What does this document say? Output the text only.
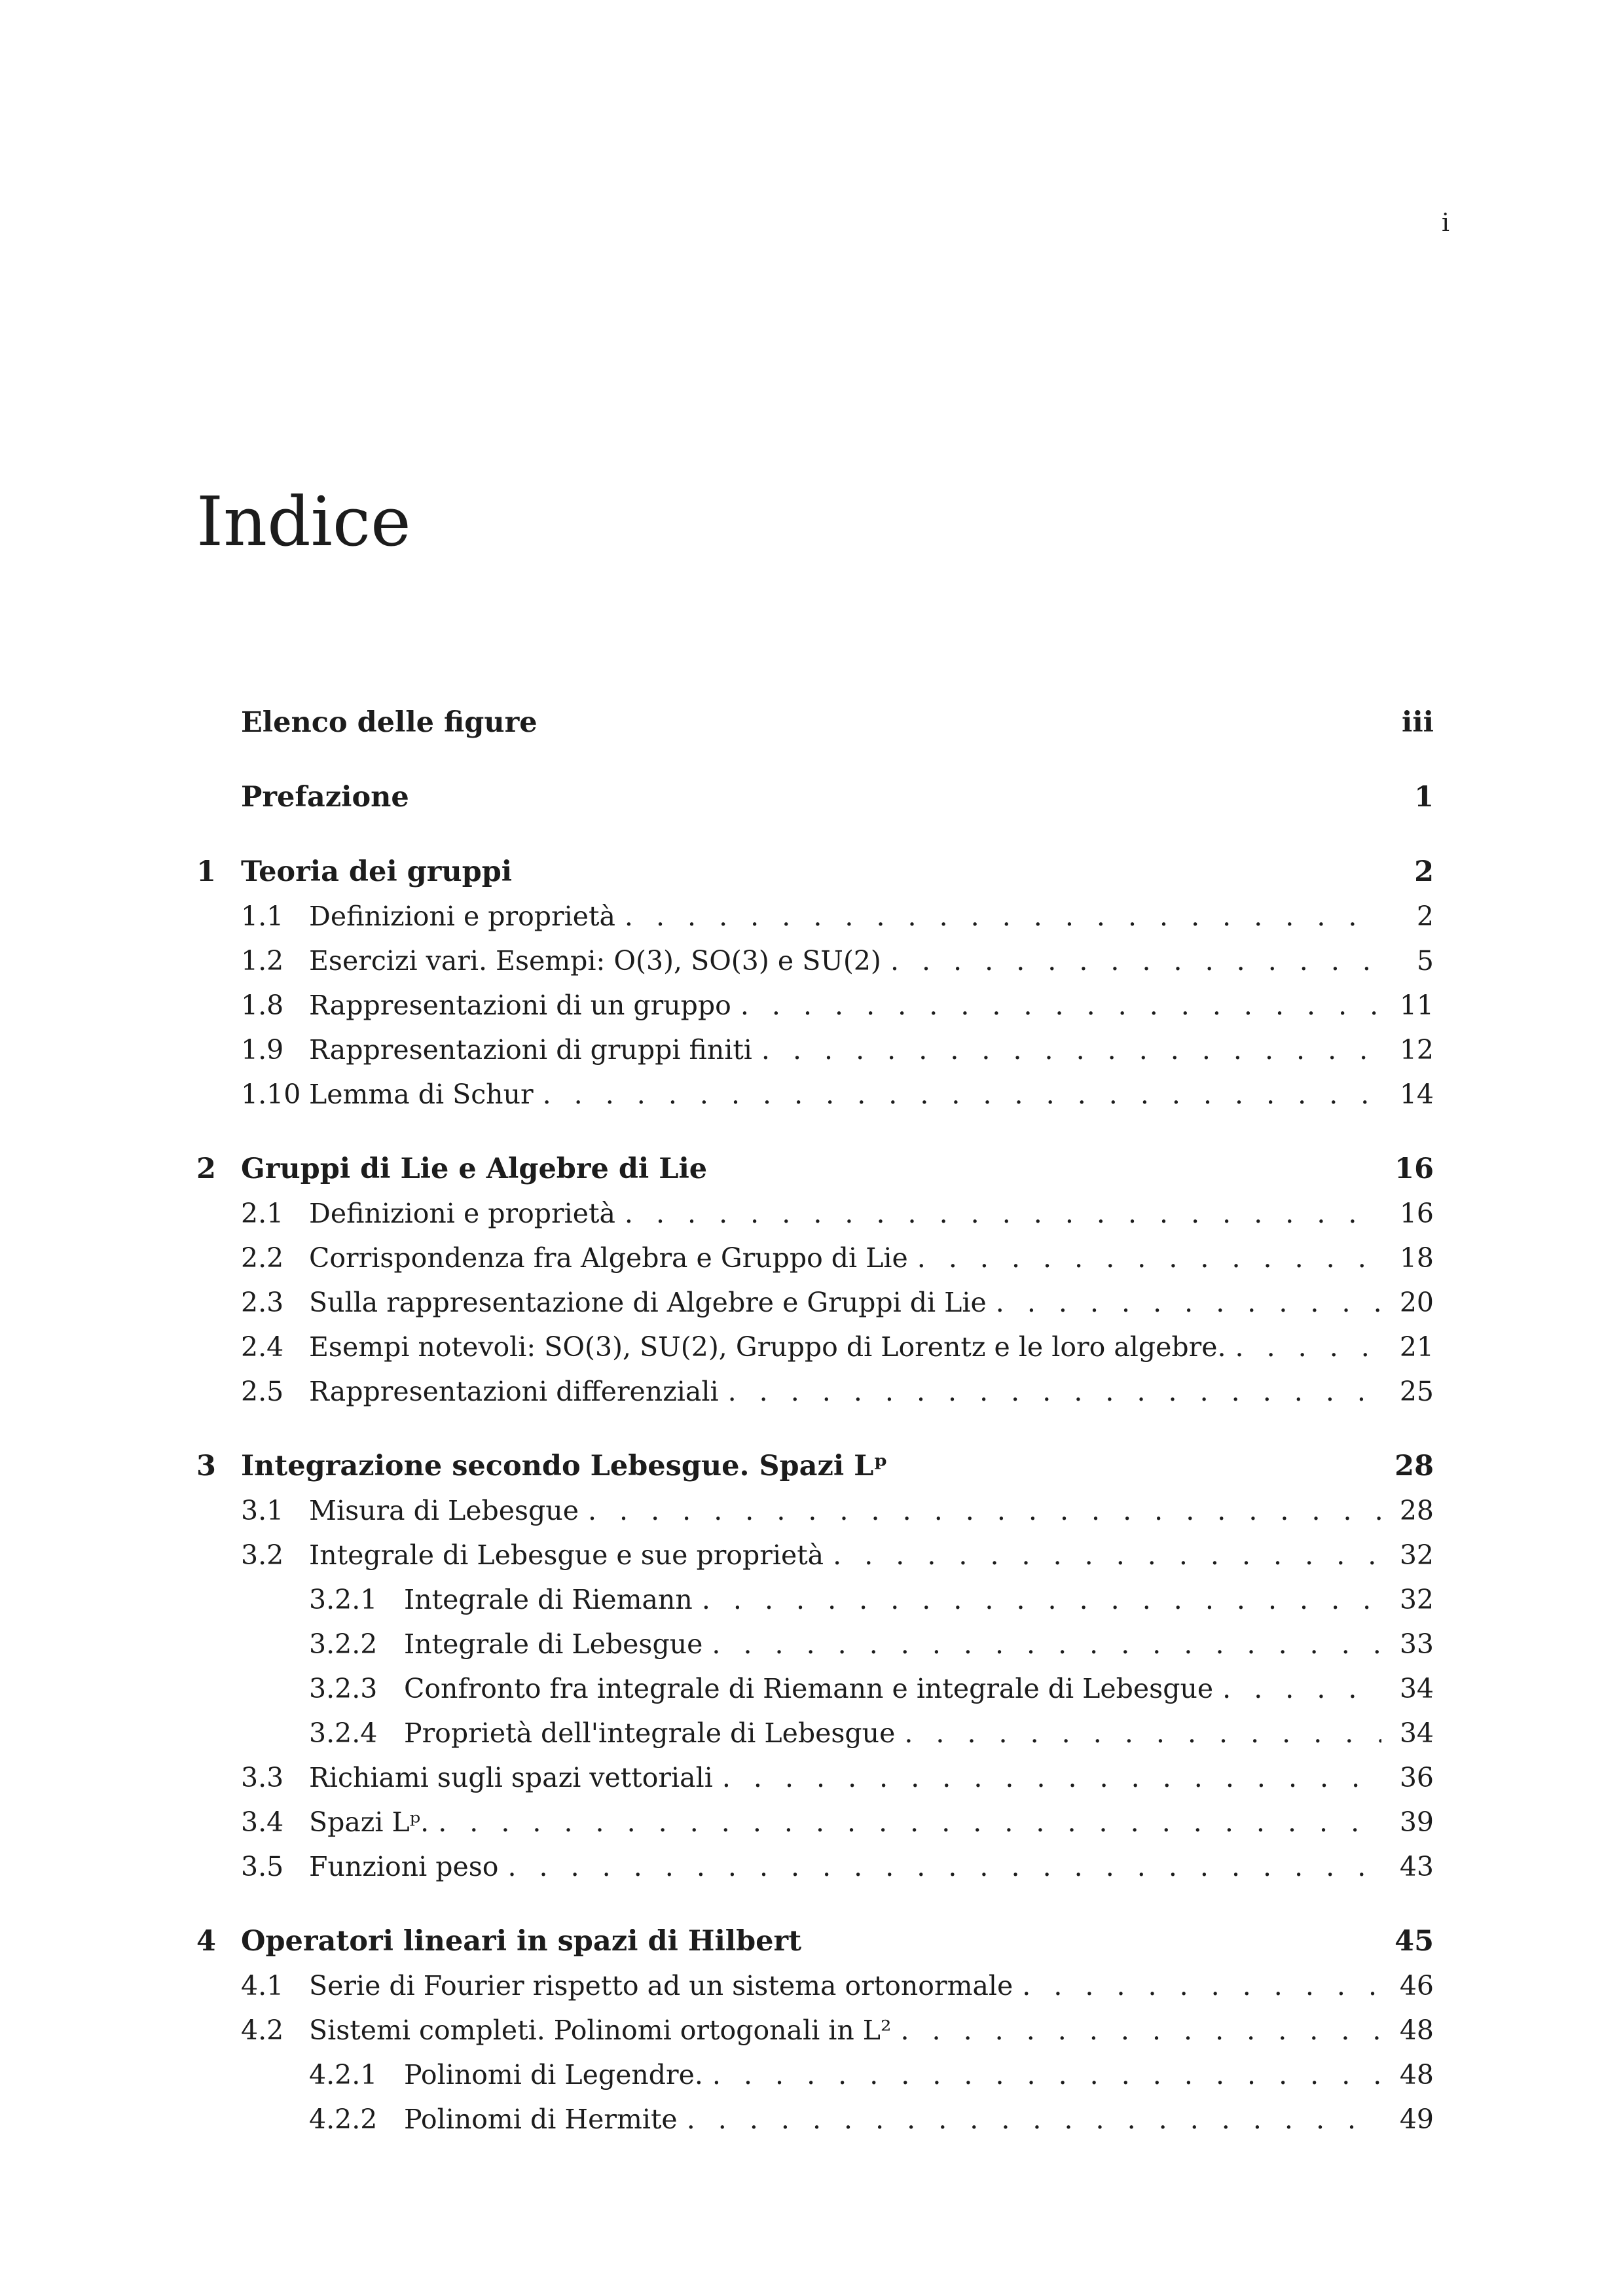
i
Indice
Elenco delle figure	iii
Prefazione	1
1 Teoria dei gruppi	2
1.1 Definizioni e proprietà . . .	2
1.2 Esercizi vari. Esempi: O(3), SO(3) e SU(2) . . .	5
1.8 Rappresentazioni di un gruppo . . .	11
1.9 Rappresentazioni di gruppi finiti . . .	12
1.10 Lemma di Schur . . .	14
2 Gruppi di Lie e Algebre di Lie	16
2.1 Definizioni e proprietà . . .	16
2.2 Corrispondenza fra Algebra e Gruppo di Lie . . .	18
2.3 Sulla rappresentazione di Algebre e Gruppi di Lie . . .	20
2.4 Esempi notevoli: SO(3), SU(2), Gruppo di Lorentz e le loro algebre. . . .	21
2.5 Rappresentazioni differenziali . . .	25
3 Integrazione secondo Lebesgue. Spazi Lᵖ	28
3.1 Misura di Lebesgue . . .	28
3.2 Integrale di Lebesgue e sue proprietà . . .	32
3.2.1 Integrale di Riemann . . .	32
3.2.2 Integrale di Lebesgue . . .	33
3.2.3 Confronto fra integrale di Riemann e integrale di Lebesgue . . .	34
3.2.4 Proprietà dell'integrale di Lebesgue . . .	34
3.3 Richiami sugli spazi vettoriali . . .	36
3.4 Spazi Lᵖ. . . .	39
3.5 Funzioni peso . . .	43
4 Operatori lineari in spazi di Hilbert	45
4.1 Serie di Fourier rispetto ad un sistema ortonormale . . .	46
4.2 Sistemi completi. Polinomi ortogonali in L² . . .	48
4.2.1 Polinomi di Legendre. . . .	48
4.2.2 Polinomi di Hermite . . .	49
